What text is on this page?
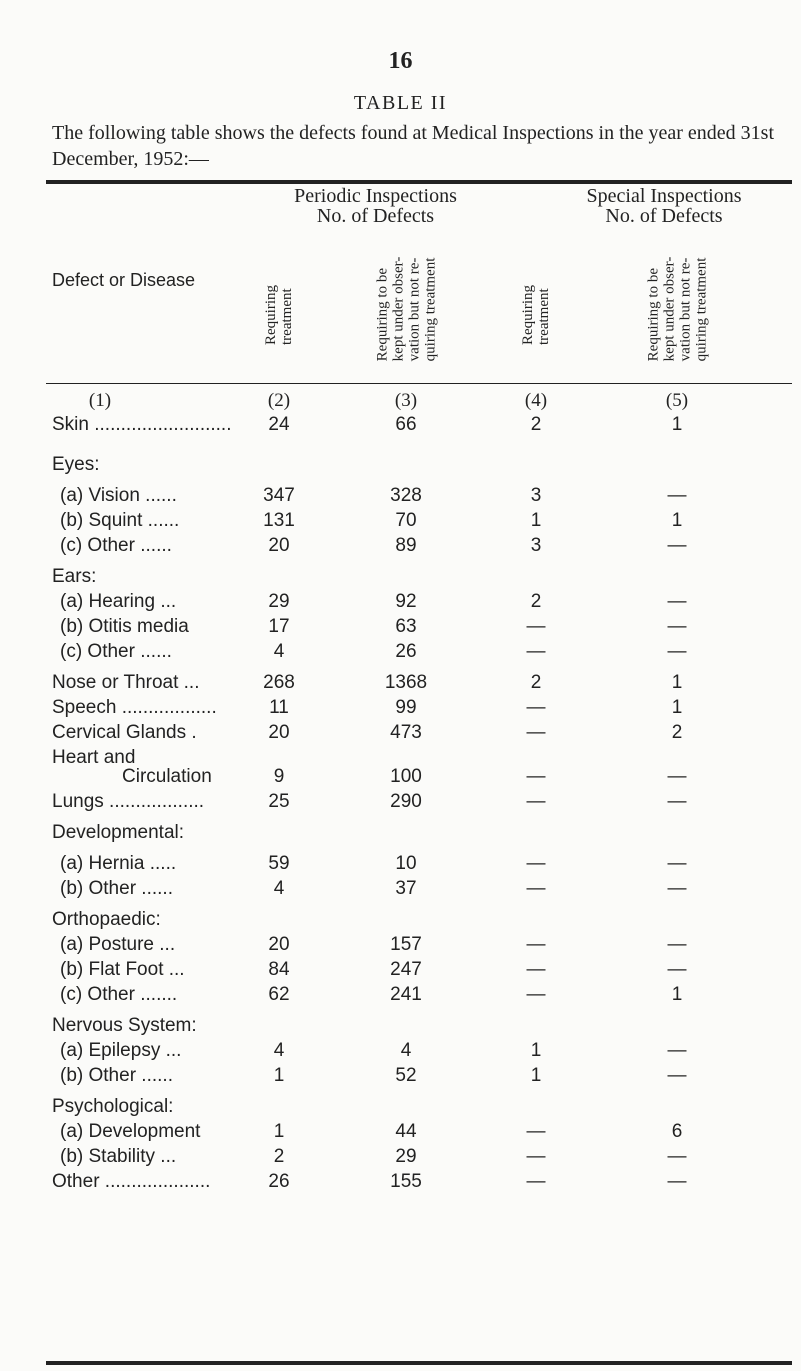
16
TABLE II
The following table shows the defects found at Medical Inspections in the year ended 31st December, 1952:—
Periodic Inspections
No. of Defects
Special Inspections
No. of Defects
Defect or Disease
Requiring treatment	Requiring to be kept under obser- vation but not re- quiring treatment	Requiring treatment	Requiring to be kept under obser- vation but not re- quiring treatment
(1)	(2)	(3)	(4)	(5)
Skin ..........................	24	66	2	1
Eyes:
(a) Vision ......	347	328	3	—
(b) Squint ......	131	70	1	1
(c) Other ......	20	89	3	—
Ears:
(a) Hearing ...	29	92	2	—
(b) Otitis media	17	63	—	—
(c) Other ......	4	26	—	—
Nose or Throat ...	268	1368	2	1
Speech ..................	11	99	—	1
Cervical Glands .	20	473	—	2
Heart and
Circulation	9	100	—	—
Lungs ..................	25	290	—	—
Developmental:
(a) Hernia .....	59	10	—	—
(b) Other ......	4	37	—	—
Orthopaedic:
(a) Posture ...	20	157	—	—
(b) Flat Foot ...	84	247	—	—
(c) Other .......	62	241	—	1
Nervous System:
(a) Epilepsy ...	4	4	1	—
(b) Other ......	1	52	1	—
Psychological:
(a) Development	1	44	—	6
(b) Stability ...	2	29	—	—
Other ....................	26	155	—	—
